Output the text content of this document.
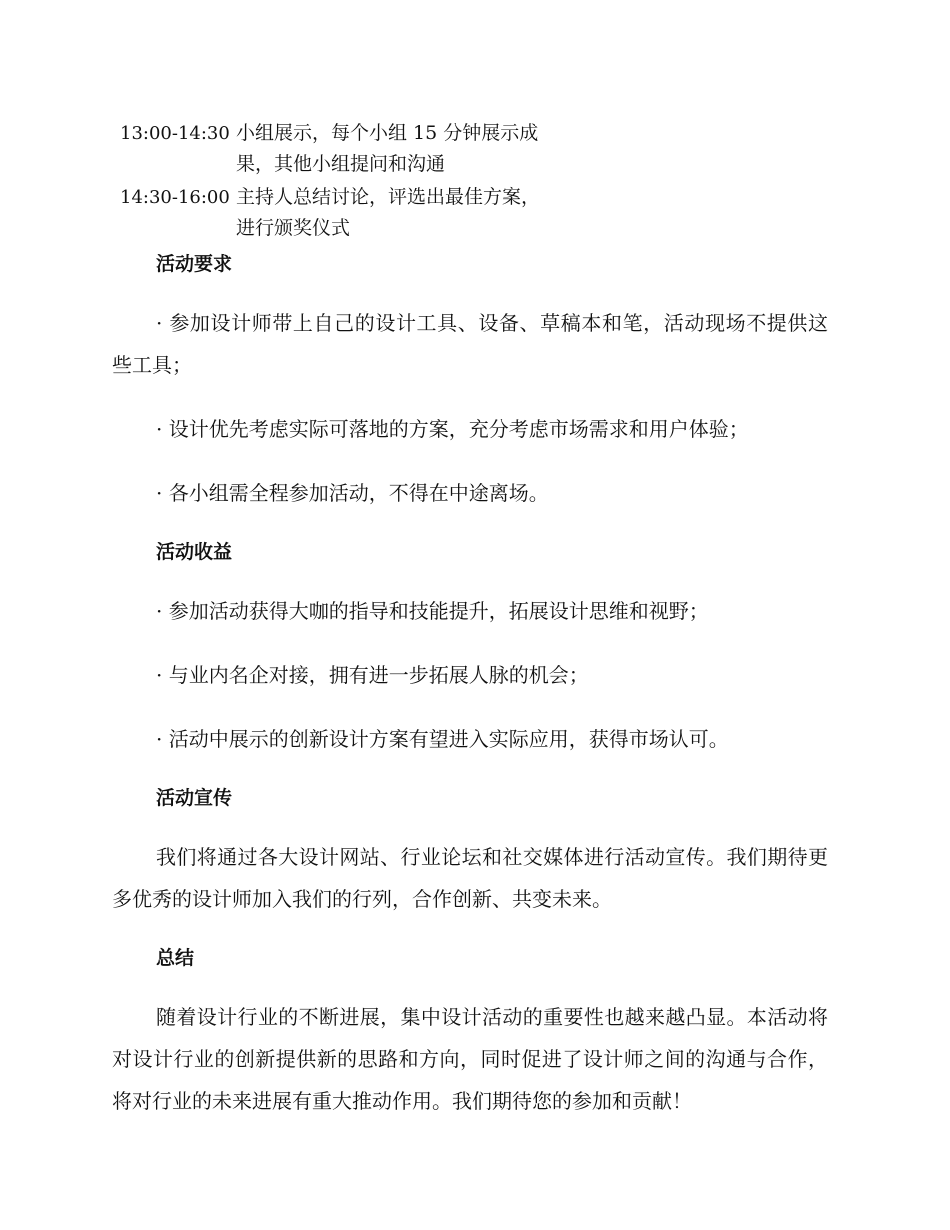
13:00-14:30 小组展示，每个小组 15 分钟展示成果，其他小组提问和沟通
14:30-16:00 主持人总结讨论，评选出最佳方案，进行颁奖仪式
活动要求

· 参加设计师带上自己的设计工具、设备、草稿本和笔，活动现场不提供这些工具；

· 设计优先考虑实际可落地的方案，充分考虑市场需求和用户体验；

· 各小组需全程参加活动，不得在中途离场。

活动收益

· 参加活动获得大咖的指导和技能提升，拓展设计思维和视野；

· 与业内名企对接，拥有进一步拓展人脉的机会；

· 活动中展示的创新设计方案有望进入实际应用，获得市场认可。

活动宣传

我们将通过各大设计网站、行业论坛和社交媒体进行活动宣传。我们期待更多优秀的设计师加入我们的行列，合作创新、共变未来。

总结

随着设计行业的不断进展，集中设计活动的重要性也越来越凸显。本活动将对设计行业的创新提供新的思路和方向，同时促进了设计师之间的沟通与合作，将对行业的未来进展有重大推动作用。我们期待您的参加和贡献！
